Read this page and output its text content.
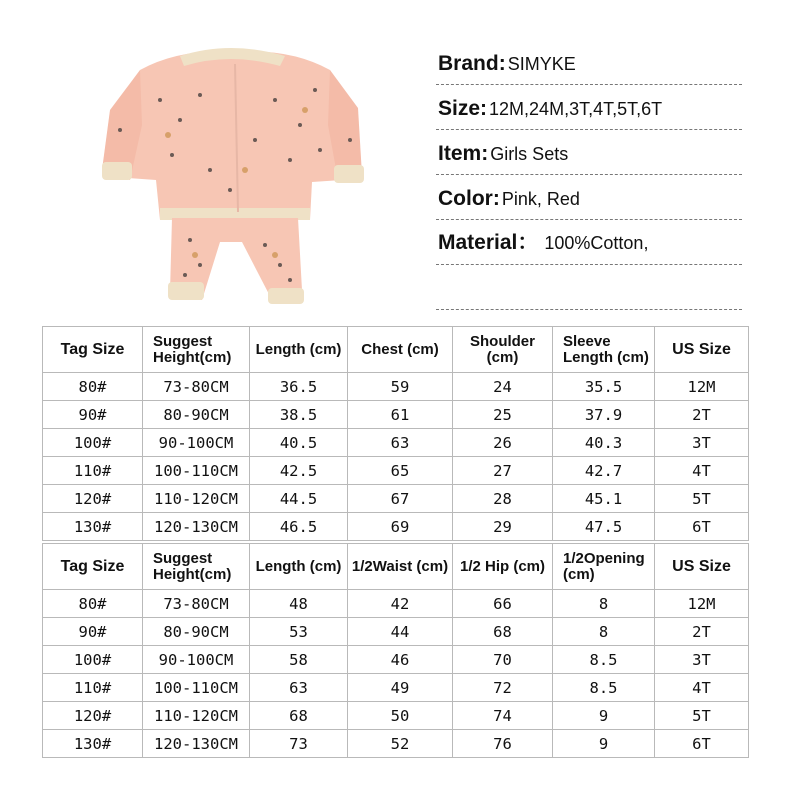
Brand: SIMYKE
Size: 12M,24M,3T,4T,5T,6T
Item: Girls Sets
Color: Pink, Red
Material： 100%Cotton,
Tag Size	Suggest Height(cm)	Length (cm)	Chest (cm)	Shoulder (cm)	Sleeve Length (cm)	US Size
80#	73-80CM	36.5	59	24	35.5	12M
90#	80-90CM	38.5	61	25	37.9	2T
100#	90-100CM	40.5	63	26	40.3	3T
110#	100-110CM	42.5	65	27	42.7	4T
120#	110-120CM	44.5	67	28	45.1	5T
130#	120-130CM	46.5	69	29	47.5	6T
Tag Size	Suggest Height(cm)	Length (cm)	1/2Waist (cm)	1/2 Hip (cm)	1/2Opening (cm)	US Size
80#	73-80CM	48	42	66	8	12M
90#	80-90CM	53	44	68	8	2T
100#	90-100CM	58	46	70	8.5	3T
110#	100-110CM	63	49	72	8.5	4T
120#	110-120CM	68	50	74	9	5T
130#	120-130CM	73	52	76	9	6T
